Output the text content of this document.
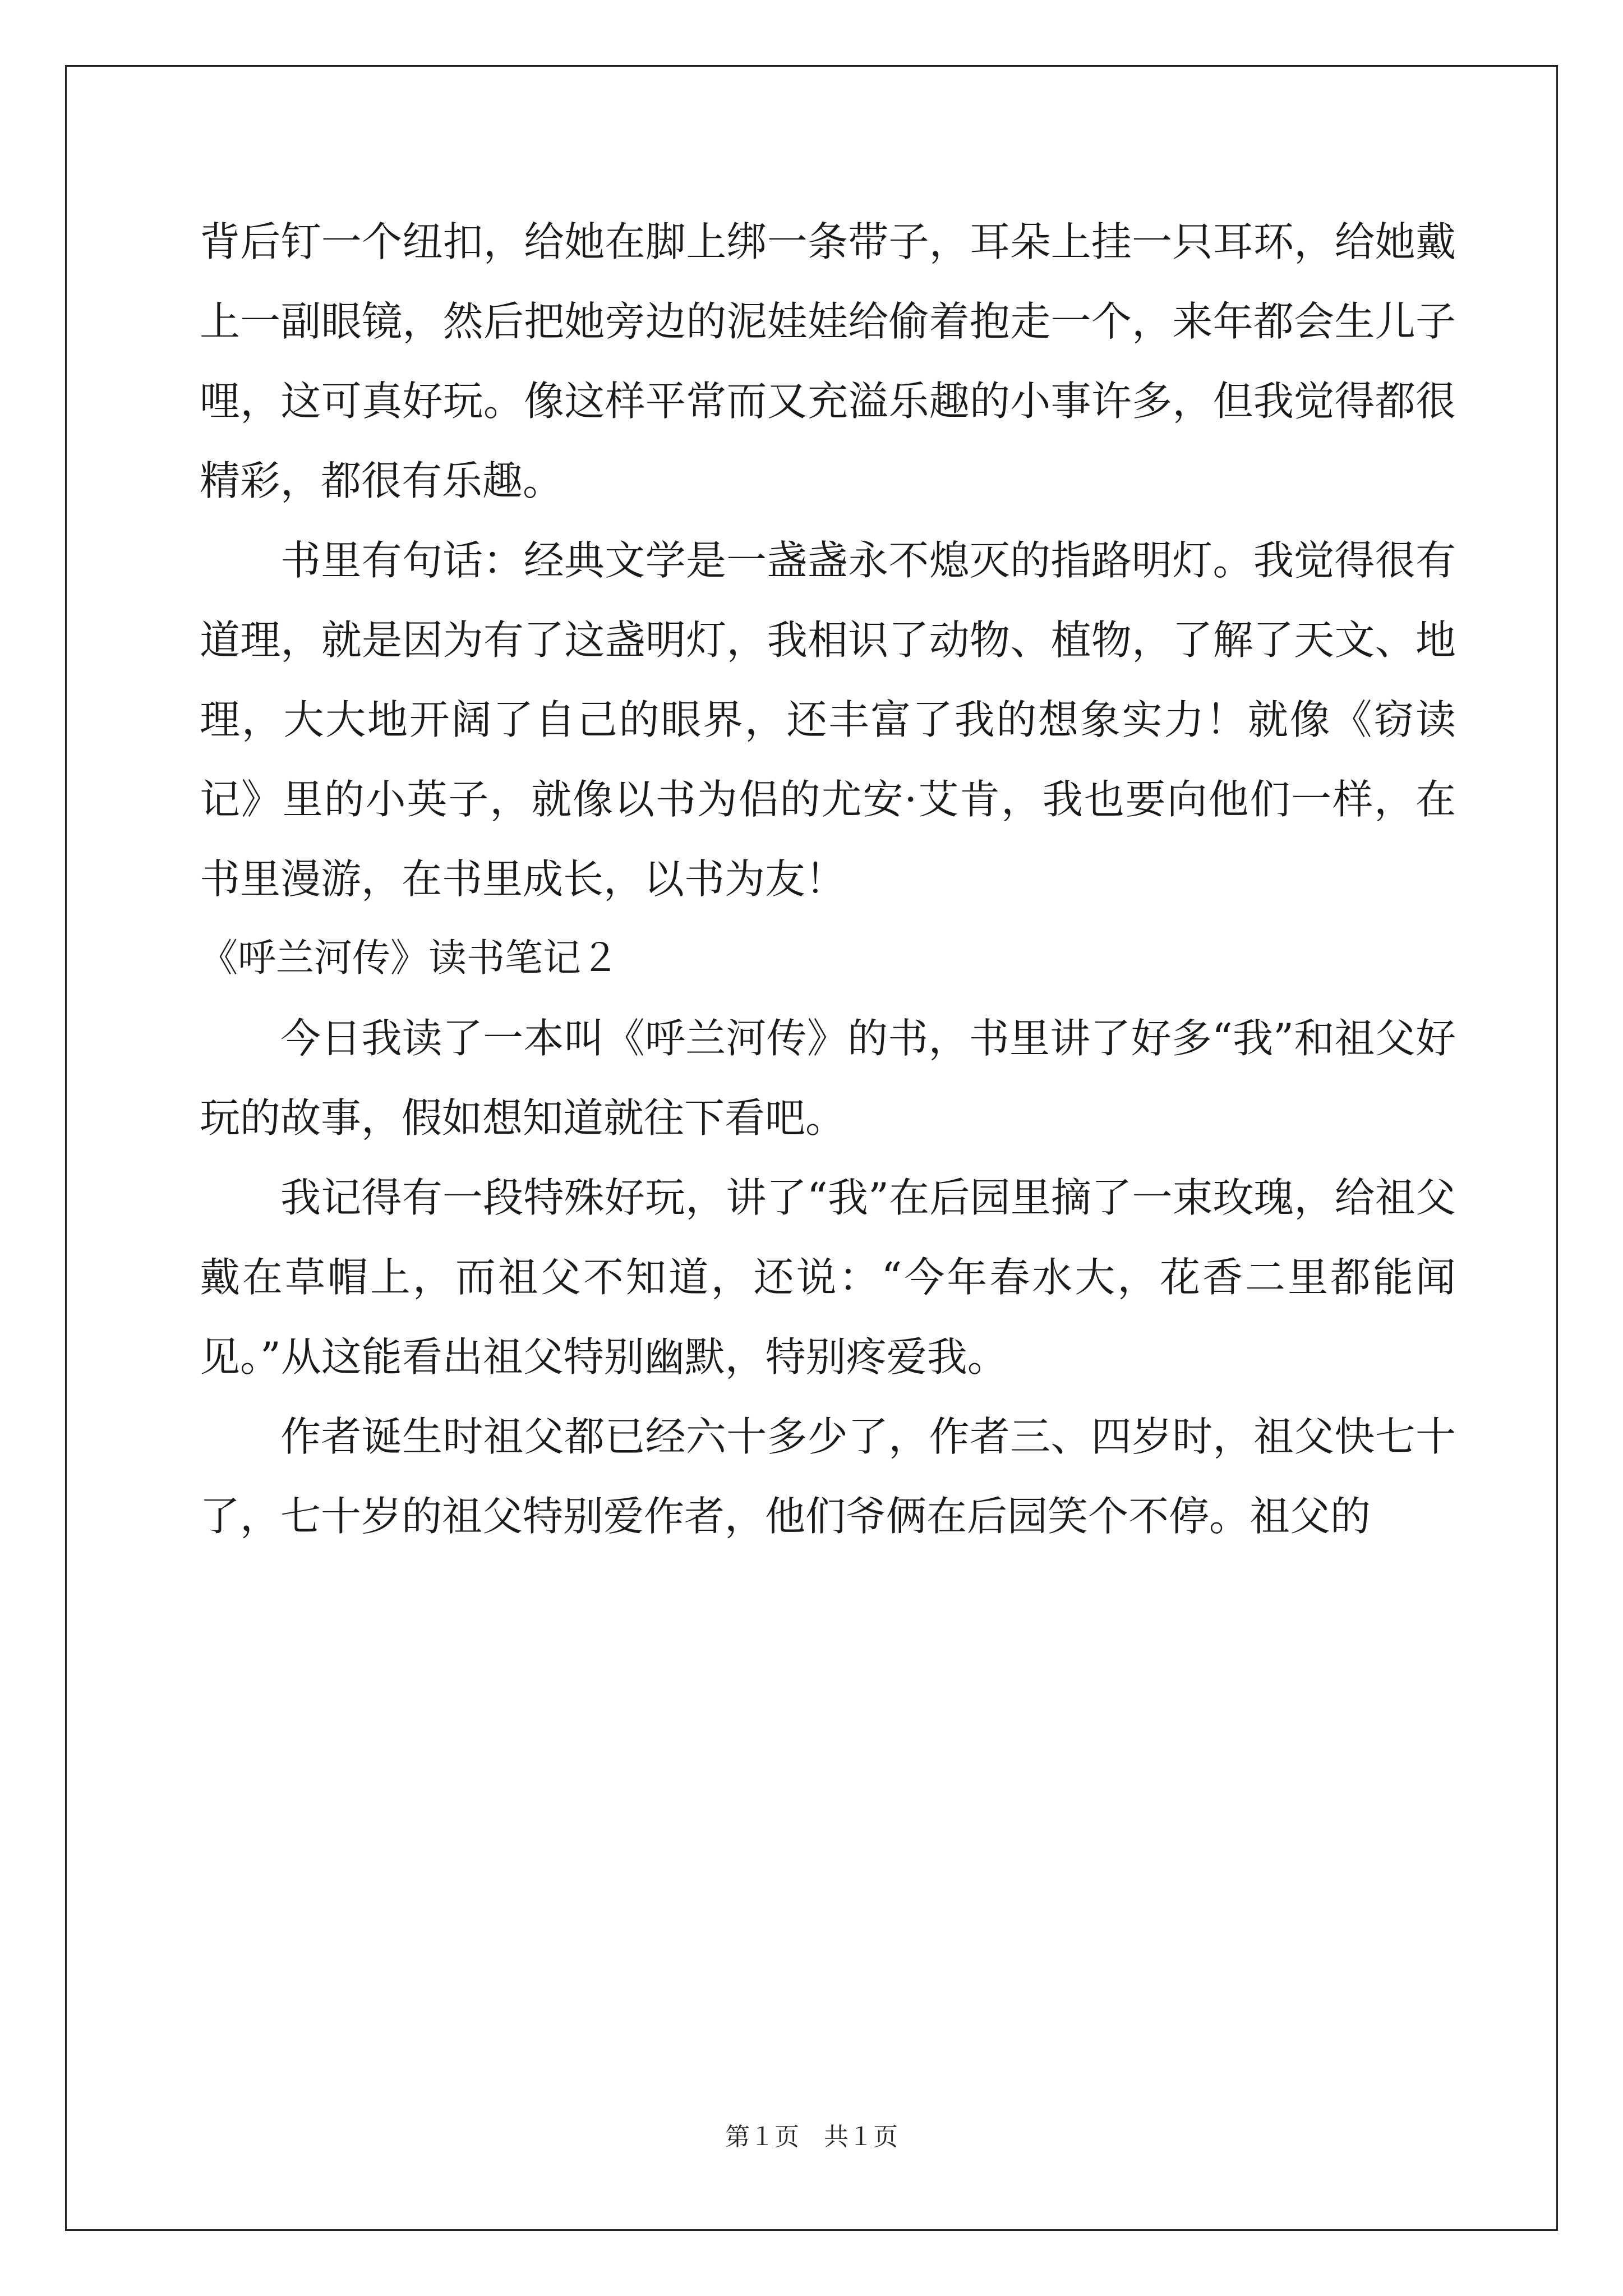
背后钉一个纽扣，给她在脚上绑一条带子，耳朵上挂一只耳环，给她戴上一副眼镜，然后把她旁边的泥娃娃给偷着抱走一个，来年都会生儿子哩，这可真好玩。像这样平常而又充溢乐趣的小事许多，但我觉得都很精彩，都很有乐趣。

书里有句话：经典文学是一盏盏永不熄灭的指路明灯。我觉得很有道理，就是因为有了这盏明灯，我相识了动物、植物，了解了天文、地理，大大地开阔了自己的眼界，还丰富了我的想象实力！就像《窃读记》里的小英子，就像以书为侣的尤安·艾肯，我也要向他们一样，在书里漫游，在书里成长，以书为友！

《呼兰河传》读书笔记２

今日我读了一本叫《呼兰河传》的书，书里讲了好多“我”和祖父好玩的故事，假如想知道就往下看吧。

我记得有一段特殊好玩，讲了“我”在后园里摘了一束玫瑰，给祖父戴在草帽上，而祖父不知道，还说：“今年春水大，花香二里都能闻见。”从这能看出祖父特别幽默，特别疼爱我。

作者诞生时祖父都已经六十多少了，作者三、四岁时，祖父快七十了，七十岁的祖父特别爱作者，他们爷俩在后园笑个不停。祖父的

第１页　共１页
